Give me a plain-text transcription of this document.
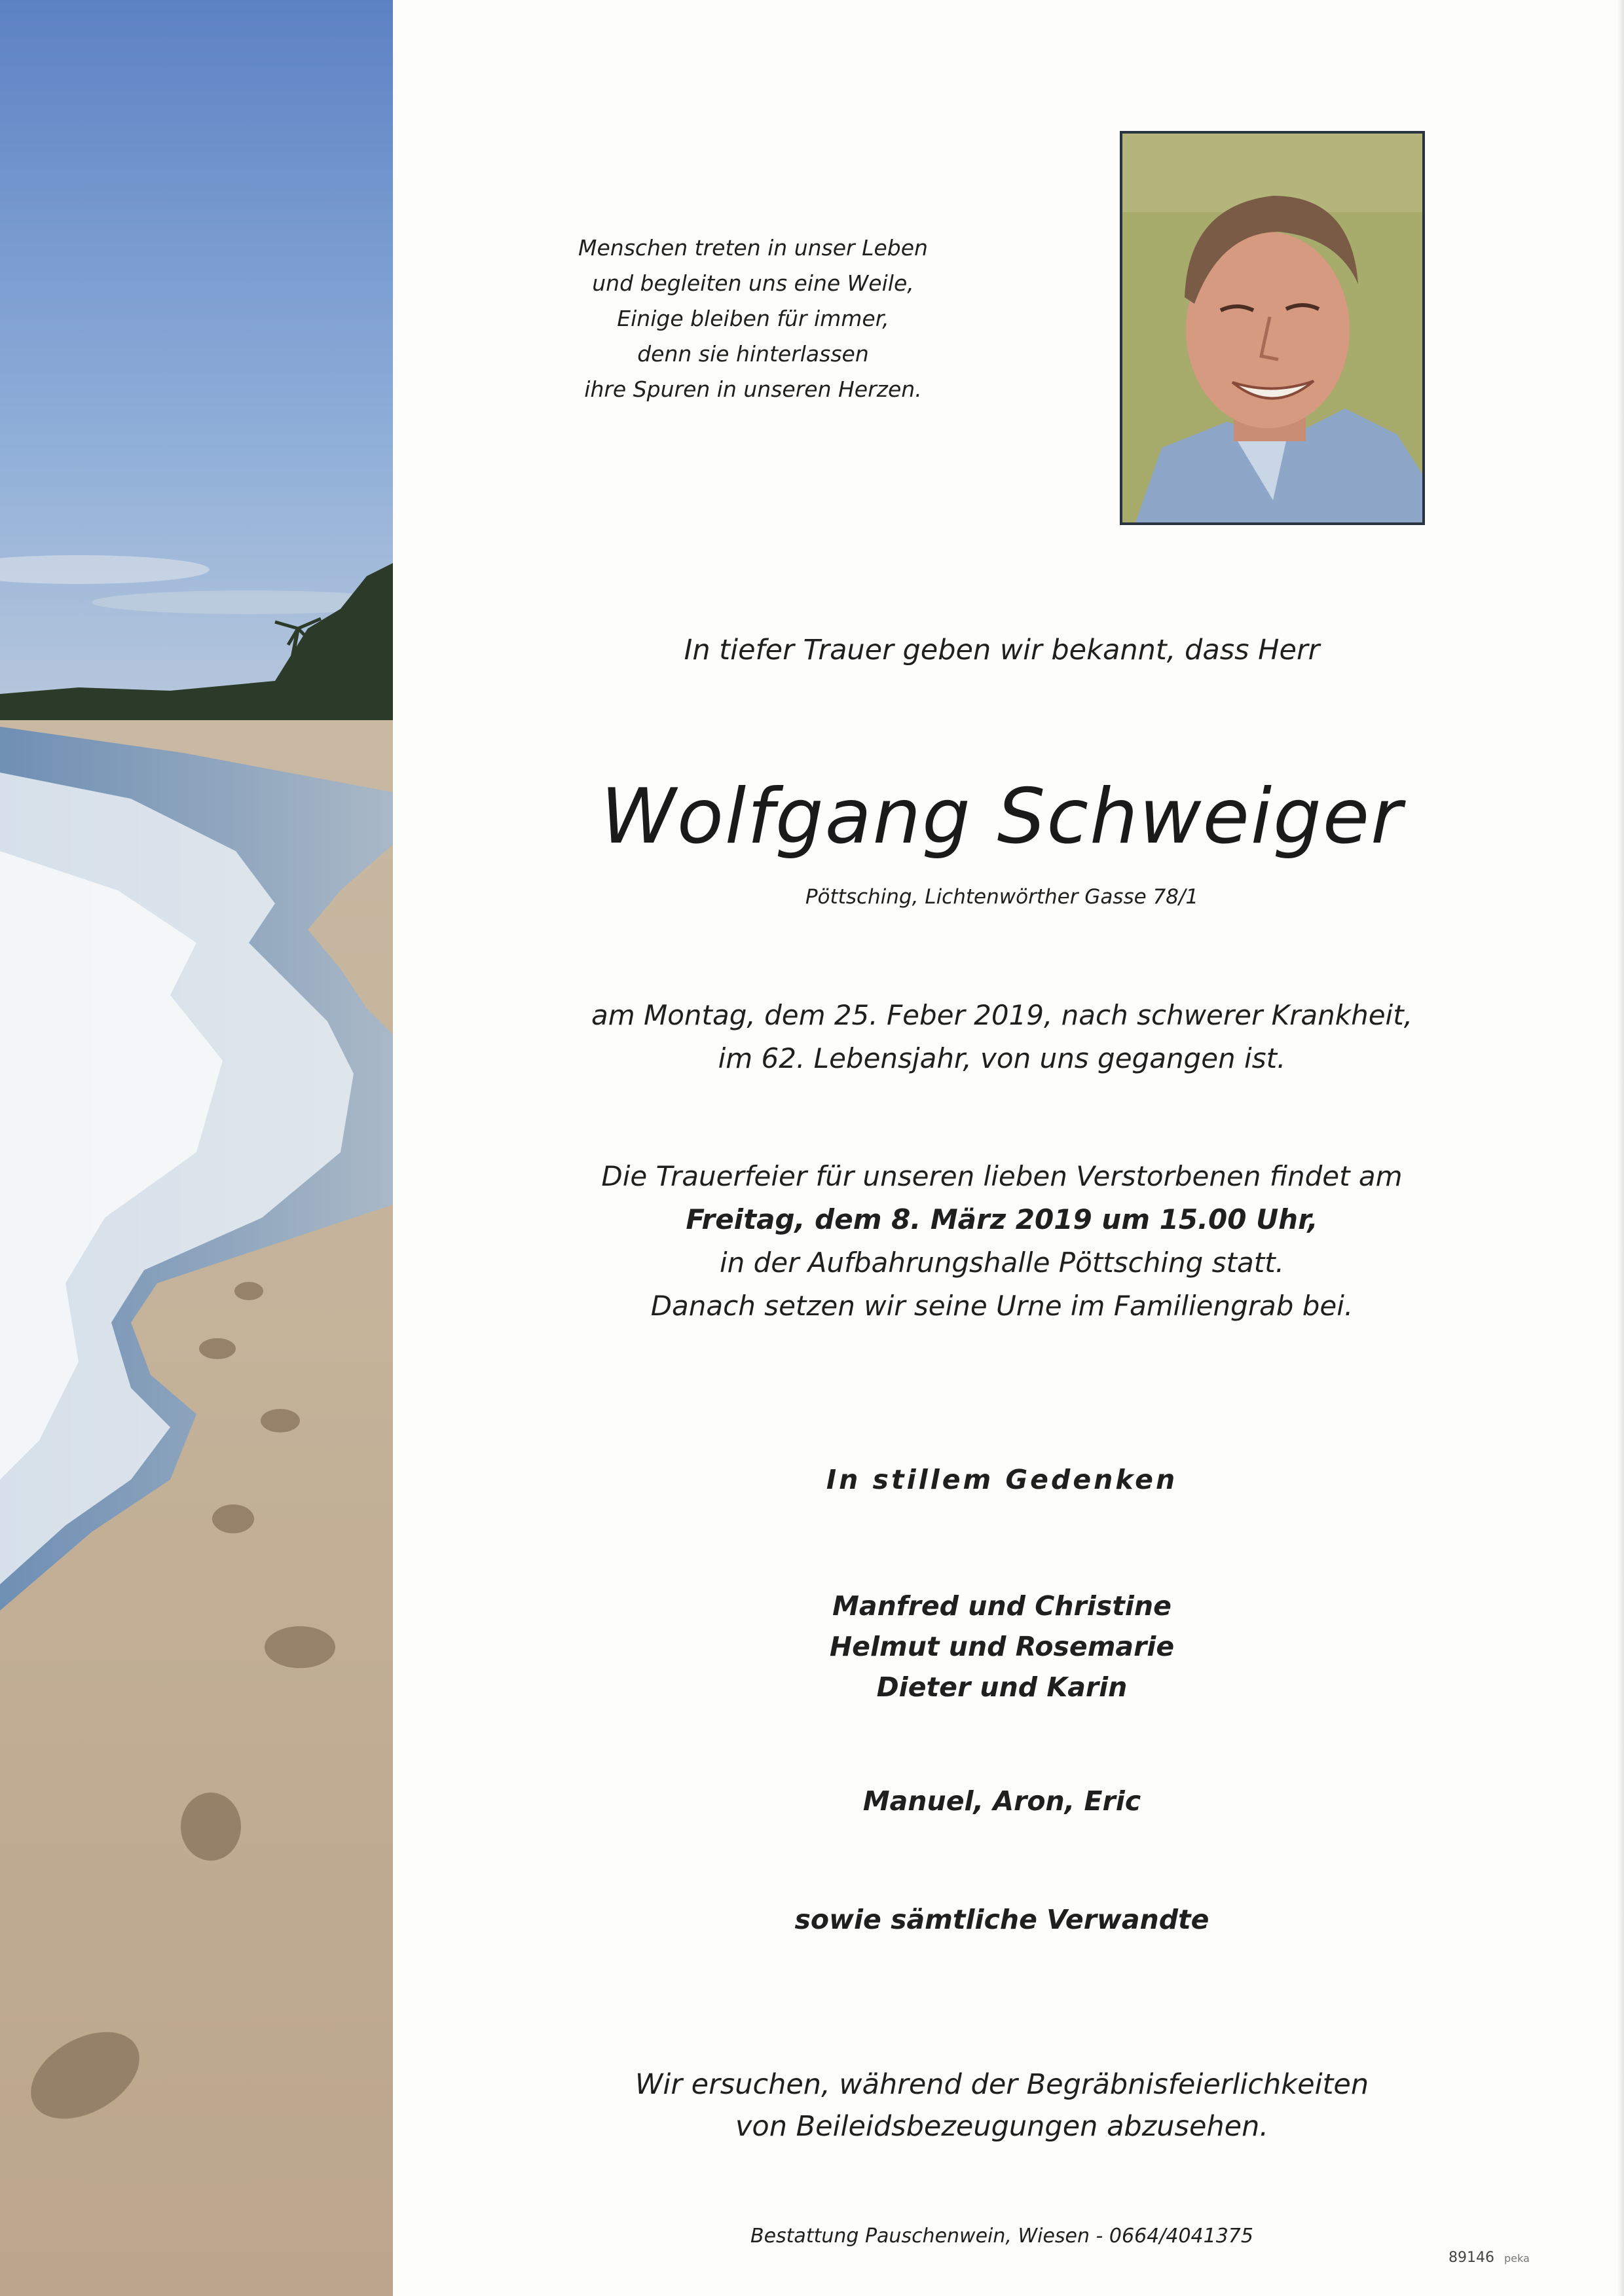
Menschen treten in unser Leben
und begleiten uns eine Weile,
Einige bleiben für immer,
denn sie hinterlassen
ihre Spuren in unseren Herzen.
In tiefer Trauer geben wir bekannt, dass Herr
Wolfgang Schweiger
Pöttsching, Lichtenwörther Gasse 78/1
am Montag, dem 25. Feber 2019, nach schwerer Krankheit,
im 62. Lebensjahr, von uns gegangen ist.
Die Trauerfeier für unseren lieben Verstorbenen findet am
Freitag, dem 8. März 2019 um 15.00 Uhr,
in der Aufbahrungshalle Pöttsching statt.
Danach setzen wir seine Urne im Familiengrab bei.
In stillem Gedenken
Manfred und Christine
Helmut und Rosemarie
Dieter und Karin
Manuel, Aron, Eric
sowie sämtliche Verwandte
Wir ersuchen, während der Begräbnisfeierlichkeiten
von Beileidsbezeugungen abzusehen.
Bestattung Pauschenwein, Wiesen - 0664/4041375
89146 peka
